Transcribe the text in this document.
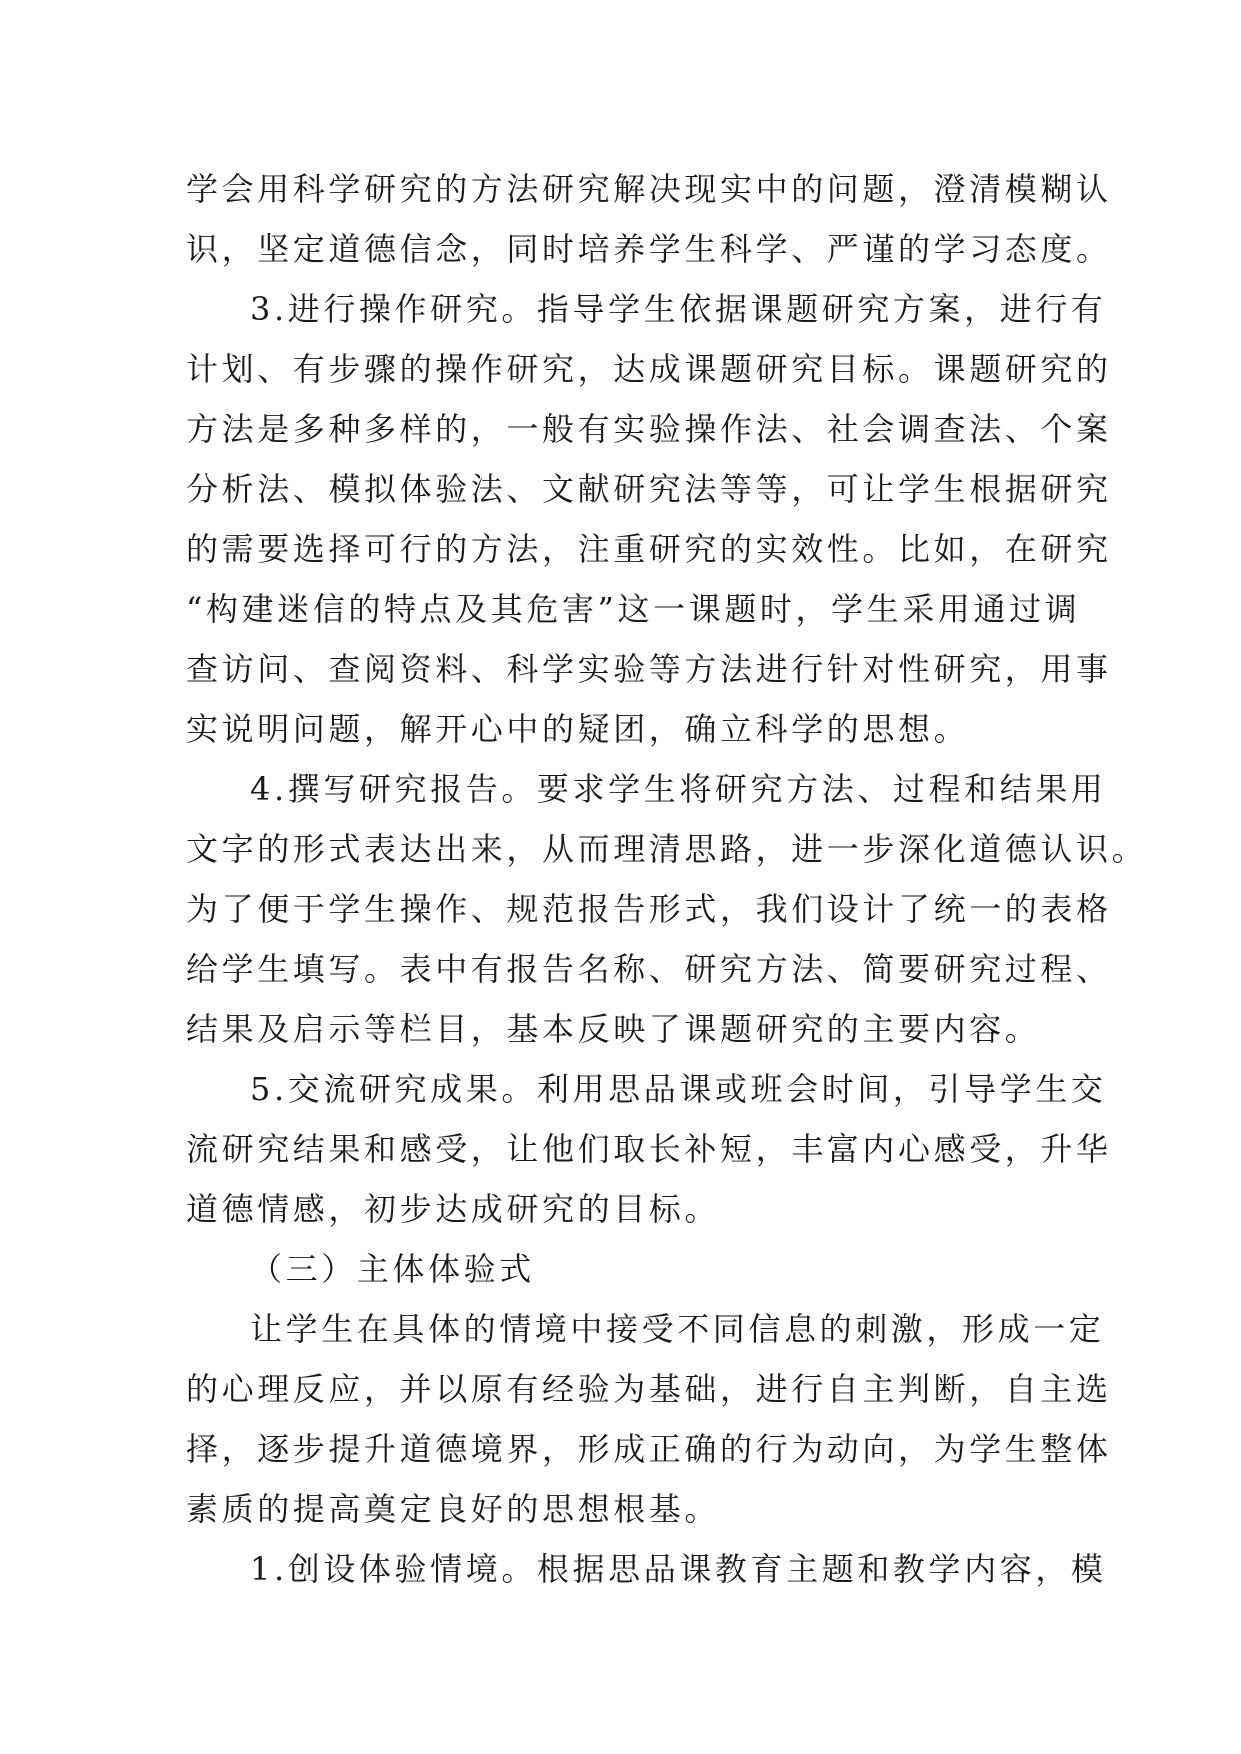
学会用科学研究的方法研究解决现实中的问题，澄清模糊认
识，坚定道德信念，同时培养学生科学、严谨的学习态度。
3.进行操作研究。指导学生依据课题研究方案，进行有
计划、有步骤的操作研究，达成课题研究目标。课题研究的
方法是多种多样的，一般有实验操作法、社会调查法、个案
分析法、模拟体验法、文献研究法等等，可让学生根据研究
的需要选择可行的方法，注重研究的实效性。比如，在研究
“构建迷信的特点及其危害”这一课题时，学生采用通过调
查访问、查阅资料、科学实验等方法进行针对性研究，用事
实说明问题，解开心中的疑团，确立科学的思想。
4.撰写研究报告。要求学生将研究方法、过程和结果用
文字的形式表达出来，从而理清思路，进一步深化道德认识。
为了便于学生操作、规范报告形式，我们设计了统一的表格
给学生填写。表中有报告名称、研究方法、简要研究过程、
结果及启示等栏目，基本反映了课题研究的主要内容。
5.交流研究成果。利用思品课或班会时间，引导学生交
流研究结果和感受，让他们取长补短，丰富内心感受，升华
道德情感，初步达成研究的目标。
（三）主体体验式
让学生在具体的情境中接受不同信息的刺激，形成一定
的心理反应，并以原有经验为基础，进行自主判断，自主选
择，逐步提升道德境界，形成正确的行为动向，为学生整体
素质的提高奠定良好的思想根基。
1.创设体验情境。根据思品课教育主题和教学内容，模
